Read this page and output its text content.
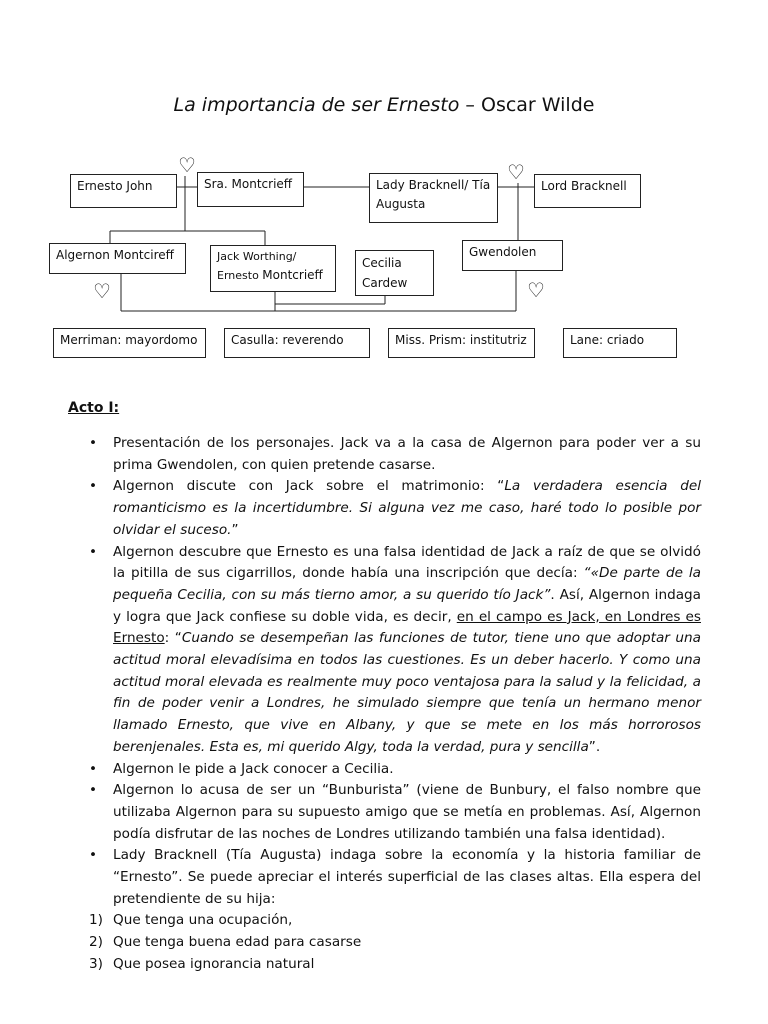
La importancia de ser Ernesto – Oscar Wilde
Ernesto John	Sra. Montcrieff	Lady Bracknell/ Tía Augusta
Lord Bracknell
Algernon Montcireff	Jack Worthing/
Ernesto Montcrieff
Cecilia Cardew
Gwendolen
Merriman: mayordomo	Casulla: reverendo	Miss. Prism: institutriz	Lane: criado
♡	♡
♡	♡
Acto I:
• Presentación de los personajes. Jack va a la casa de Algernon para poder ver a su prima Gwendolen, con quien pretende casarse.
• Algernon discute con Jack sobre el matrimonio: “La verdadera esencia del romanticismo es la incertidumbre. Si alguna vez me caso, haré todo lo posible por olvidar el suceso.”
• Algernon descubre que Ernesto es una falsa identidad de Jack a raíz de que se olvidó la pitilla de sus cigarrillos, donde había una inscripción que decía: “«De parte de la pequeña Cecilia, con su más tierno amor, a su querido tío Jack”. Así, Algernon indaga y logra que Jack confiese su doble vida, es decir, en el campo es Jack, en Londres es Ernesto: “Cuando se desempeñan las funciones de tutor, tiene uno que adoptar una actitud moral elevadísima en todos las cuestiones. Es un deber hacerlo. Y como una actitud moral elevada es realmente muy poco ventajosa para la salud y la felicidad, a fin de poder venir a Londres, he simulado siempre que tenía un hermano menor llamado Ernesto, que vive en Albany, y que se mete en los más horrorosos berenjenales. Esta es, mi querido Algy, toda la verdad, pura y sencilla”.
• Algernon le pide a Jack conocer a Cecilia.
• Algernon lo acusa de ser un “Bunburista” (viene de Bunbury, el falso nombre que utilizaba Algernon para su supuesto amigo que se metía en problemas. Así, Algernon podía disfrutar de las noches de Londres utilizando también una falsa identidad).
• Lady Bracknell (Tía Augusta) indaga sobre la economía y la historia familiar de “Ernesto”. Se puede apreciar el interés superficial de las clases altas. Ella espera del pretendiente de su hija:
1) Que tenga una ocupación,
2) Que tenga buena edad para casarse
3) Que posea ignorancia natural
